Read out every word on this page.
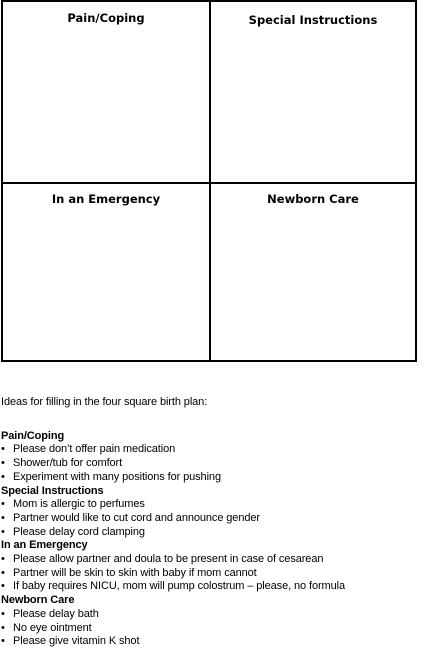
Pain/Coping	Special Instructions
In an Emergency	Newborn Care

Ideas for filling in the four square birth plan:

Pain/Coping

• Please don’t offer pain medication
• Shower/tub for comfort
• Experiment with many positions for pushing

Special Instructions

• Mom is allergic to perfumes
• Partner would like to cut cord and announce gender
• Please delay cord clamping

In an Emergency

• Please allow partner and doula to be present in case of cesarean
• Partner will be skin to skin with baby if mom cannot
• If baby requires NICU, mom will pump colostrum – please, no formula

Newborn Care

• Please delay bath
• No eye ointment
• Please give vitamin K shot
